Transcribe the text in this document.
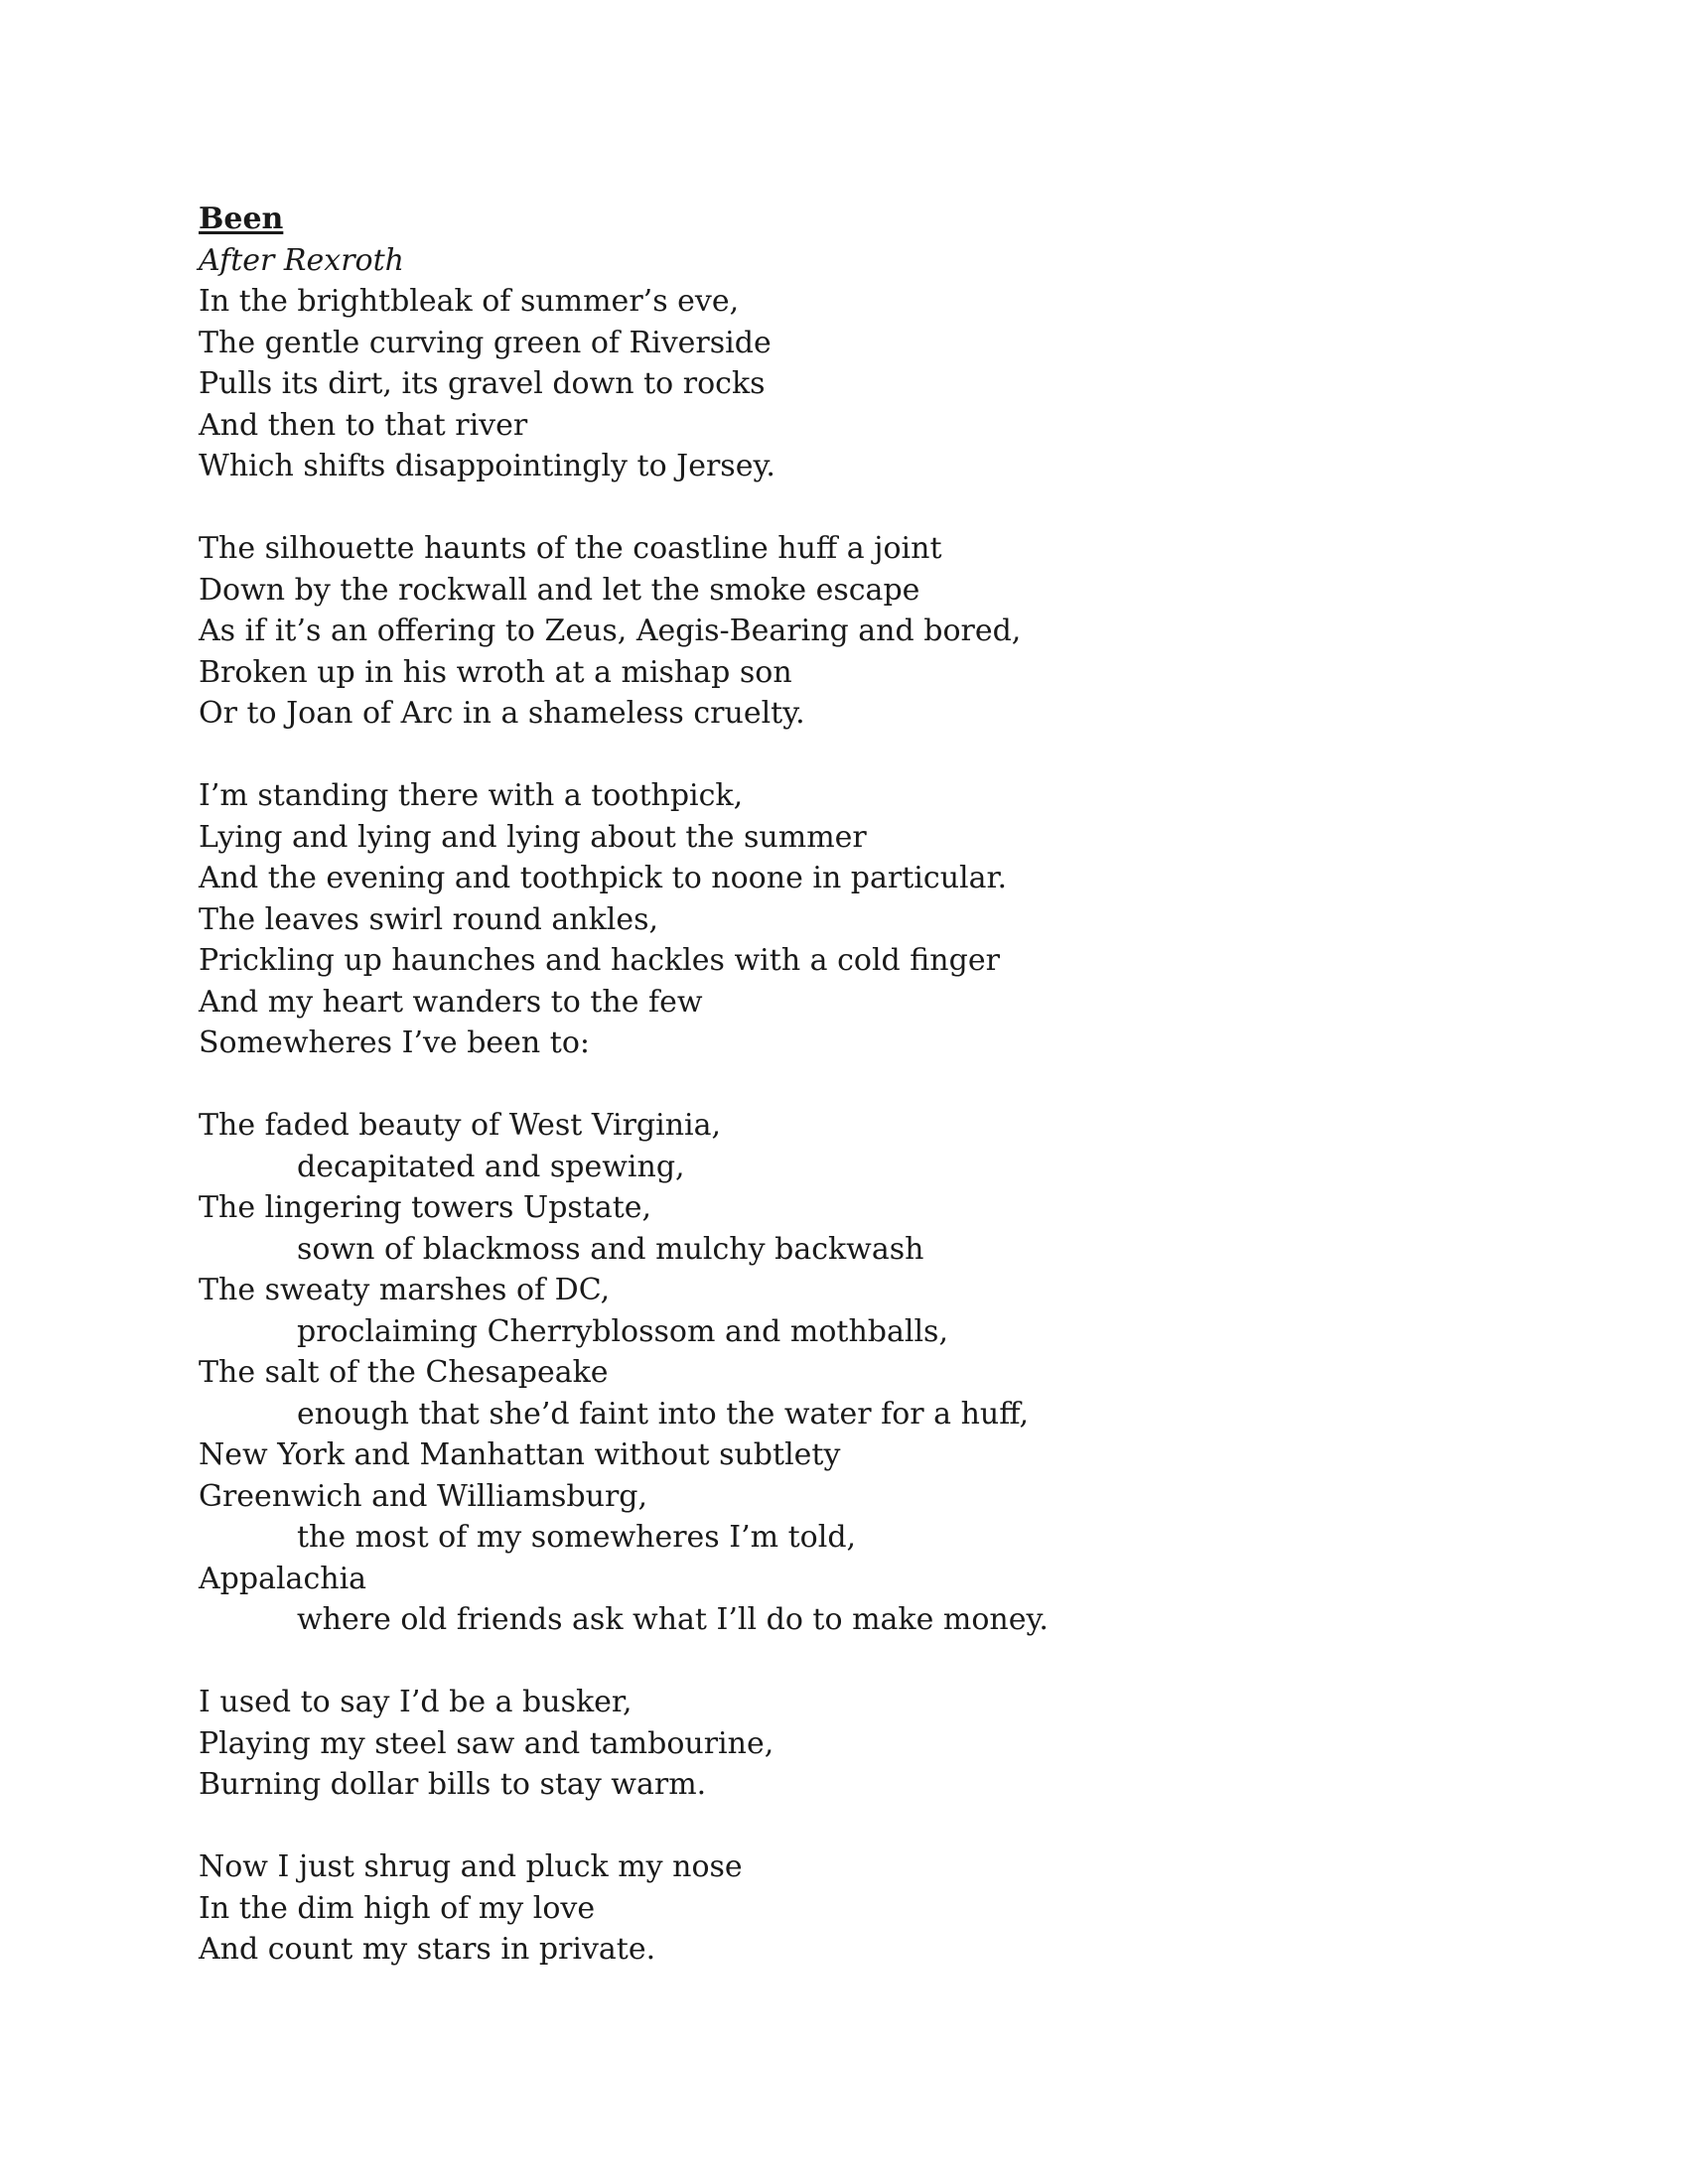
Been
After Rexroth
In the brightbleak of summer’s eve,
The gentle curving green of Riverside
Pulls its dirt, its gravel down to rocks
And then to that river
Which shifts disappointingly to Jersey.
The silhouette haunts of the coastline huff a joint
Down by the rockwall and let the smoke escape
As if it’s an offering to Zeus, Aegis-Bearing and bored,
Broken up in his wroth at a mishap son
Or to Joan of Arc in a shameless cruelty.
I’m standing there with a toothpick,
Lying and lying and lying about the summer
And the evening and toothpick to noone in particular.
The leaves swirl round ankles,
Prickling up haunches and hackles with a cold finger
And my heart wanders to the few
Somewheres I’ve been to:
The faded beauty of West Virginia,
decapitated and spewing,
The lingering towers Upstate,
sown of blackmoss and mulchy backwash
The sweaty marshes of DC,
proclaiming Cherryblossom and mothballs,
The salt of the Chesapeake
enough that she’d faint into the water for a huff,
New York and Manhattan without subtlety
Greenwich and Williamsburg,
the most of my somewheres I’m told,
Appalachia
where old friends ask what I’ll do to make money.
I used to say I’d be a busker,
Playing my steel saw and tambourine,
Burning dollar bills to stay warm.
Now I just shrug and pluck my nose
In the dim high of my love
And count my stars in private.
